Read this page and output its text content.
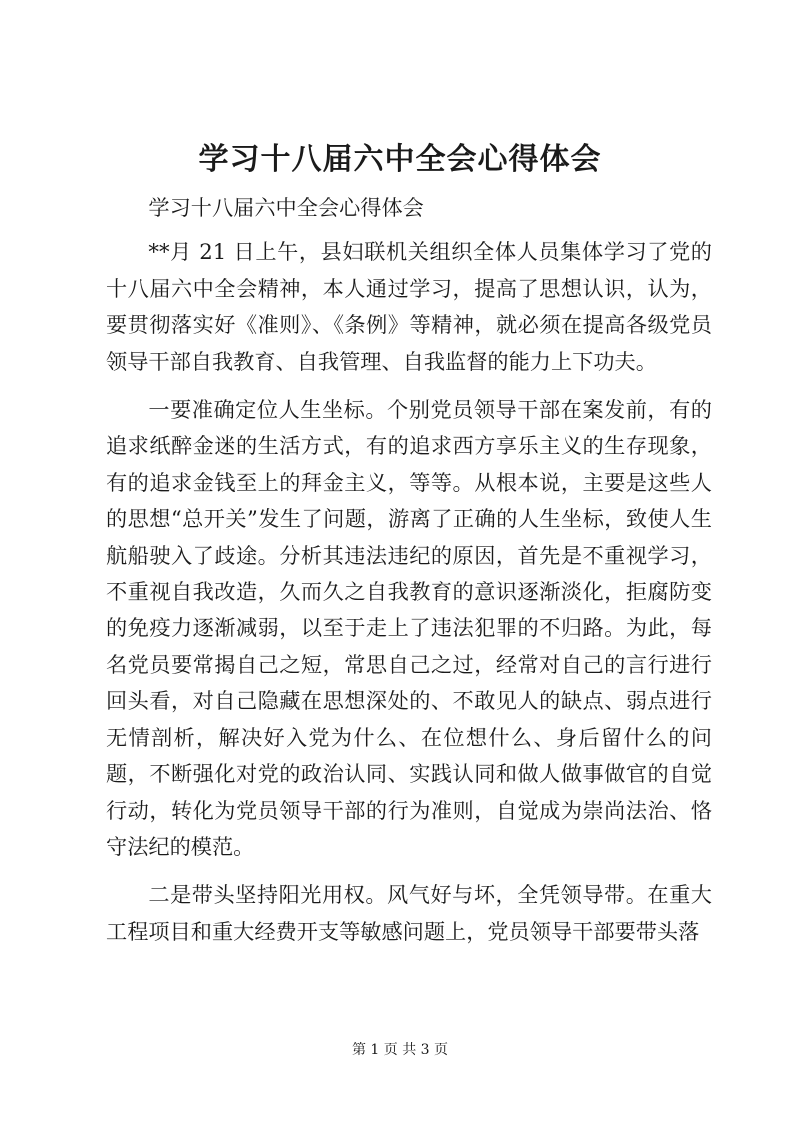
学习十八届六中全会心得体会

学习十八届六中全会心得体会

**月 21 日上午，县妇联机关组织全体人员集体学习了党的十八届六中全会精神，本人通过学习，提高了思想认识，认为，要贯彻落实好《准则》、《条例》等精神，就必须在提高各级党员领导干部自我教育、自我管理、自我监督的能力上下功夫。

一要准确定位人生坐标。个别党员领导干部在案发前，有的追求纸醉金迷的生活方式，有的追求西方享乐主义的生存现象，有的追求金钱至上的拜金主义，等等。从根本说，主要是这些人的思想“总开关”发生了问题，游离了正确的人生坐标，致使人生航船驶入了歧途。分析其违法违纪的原因，首先是不重视学习，不重视自我改造，久而久之自我教育的意识逐渐淡化，拒腐防变的免疫力逐渐减弱，以至于走上了违法犯罪的不归路。为此，每名党员要常揭自己之短，常思自己之过，经常对自己的言行进行回头看，对自己隐藏在思想深处的、不敢见人的缺点、弱点进行无情剖析，解决好入党为什么、在位想什么、身后留什么的问题，不断强化对党的政治认同、实践认同和做人做事做官的自觉行动，转化为党员领导干部的行为准则，自觉成为崇尚法治、恪守法纪的模范。

二是带头坚持阳光用权。风气好与坏，全凭领导带。在重大工程项目和重大经费开支等敏感问题上，党员领导干部要带头落

第 1 页 共 3 页
